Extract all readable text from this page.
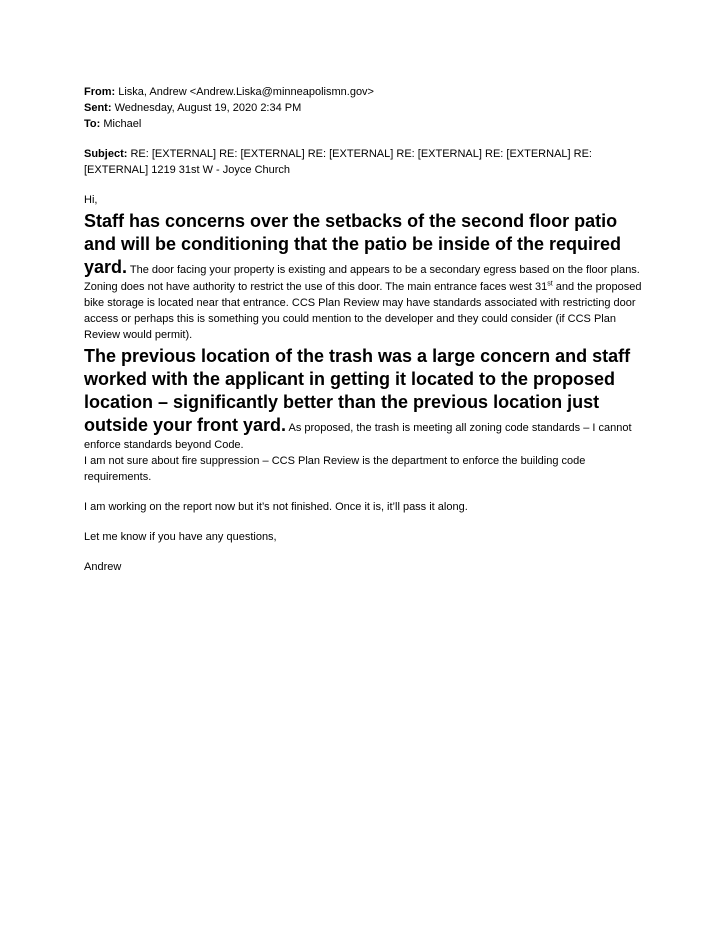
From: Liska, Andrew <Andrew.Liska@minneapolismn.gov>
Sent: Wednesday, August 19, 2020 2:34 PM
To: Michael
Subject: RE: [EXTERNAL] RE: [EXTERNAL] RE: [EXTERNAL] RE: [EXTERNAL] RE: [EXTERNAL] RE: [EXTERNAL] 1219 31st W - Joyce Church

Hi,

Staff has concerns over the setbacks of the second floor patio and will be conditioning that the patio be inside of the required yard. The door facing your property is existing and appears to be a secondary egress based on the floor plans. Zoning does not have authority to restrict the use of this door. The main entrance faces west 31st and the proposed bike storage is located near that entrance. CCS Plan Review may have standards associated with restricting door access or perhaps this is something you could mention to the developer and they could consider (if CCS Plan Review would permit).

The previous location of the trash was a large concern and staff worked with the applicant in getting it located to the proposed location – significantly better than the previous location just outside your front yard. As proposed, the trash is meeting all zoning code standards – I cannot enforce standards beyond Code.

I am not sure about fire suppression – CCS Plan Review is the department to enforce the building code requirements.

I am working on the report now but it’s not finished. Once it is, it’ll pass it along.

Let me know if you have any questions,

Andrew
